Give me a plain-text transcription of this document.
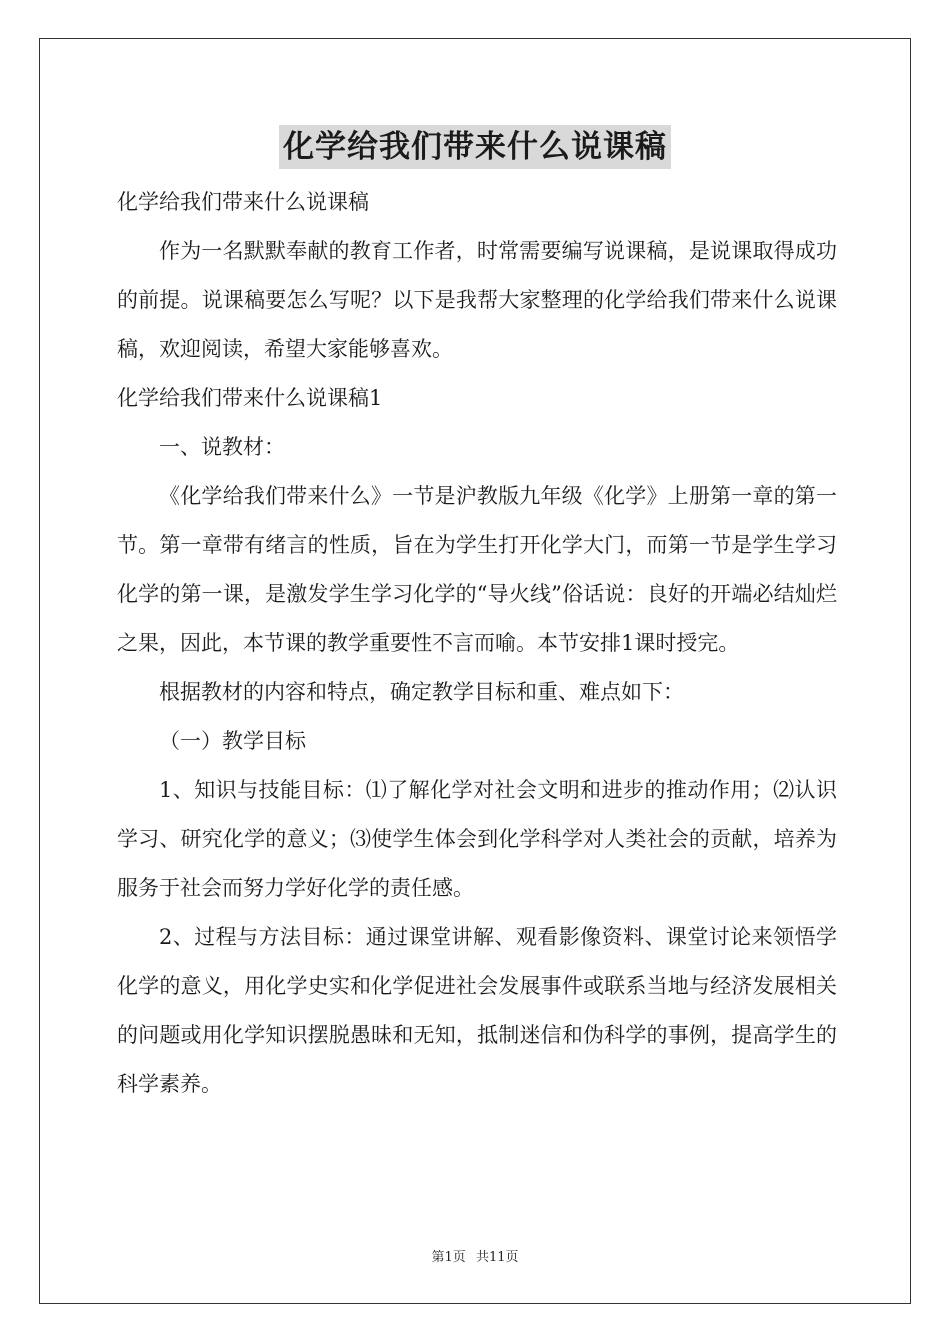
化学给我们带来什么说课稿

化学给我们带来什么说课稿

作为一名默默奉献的教育工作者，时常需要编写说课稿，是说课取得成功的前提。说课稿要怎么写呢？以下是我帮大家整理的化学给我们带来什么说课稿，欢迎阅读，希望大家能够喜欢。

化学给我们带来什么说课稿1

一、说教材：

《化学给我们带来什么》一节是沪教版九年级《化学》上册第一章的第一节。第一章带有绪言的性质，旨在为学生打开化学大门，而第一节是学生学习化学的第一课，是激发学生学习化学的“导火线”俗话说：良好的开端必结灿烂之果，因此，本节课的教学重要性不言而喻。本节安排1课时授完。

根据教材的内容和特点，确定教学目标和重、难点如下：

（一）教学目标

1、知识与技能目标：⑴了解化学对社会文明和进步的推动作用；⑵认识学习、研究化学的意义；⑶使学生体会到化学科学对人类社会的贡献，培养为服务于社会而努力学好化学的责任感。

2、过程与方法目标：通过课堂讲解、观看影像资料、课堂讨论来领悟学化学的意义，用化学史实和化学促进社会发展事件或联系当地与经济发展相关的问题或用化学知识摆脱愚昧和无知，抵制迷信和伪科学的事例，提高学生的科学素养。

第1页 共11页
